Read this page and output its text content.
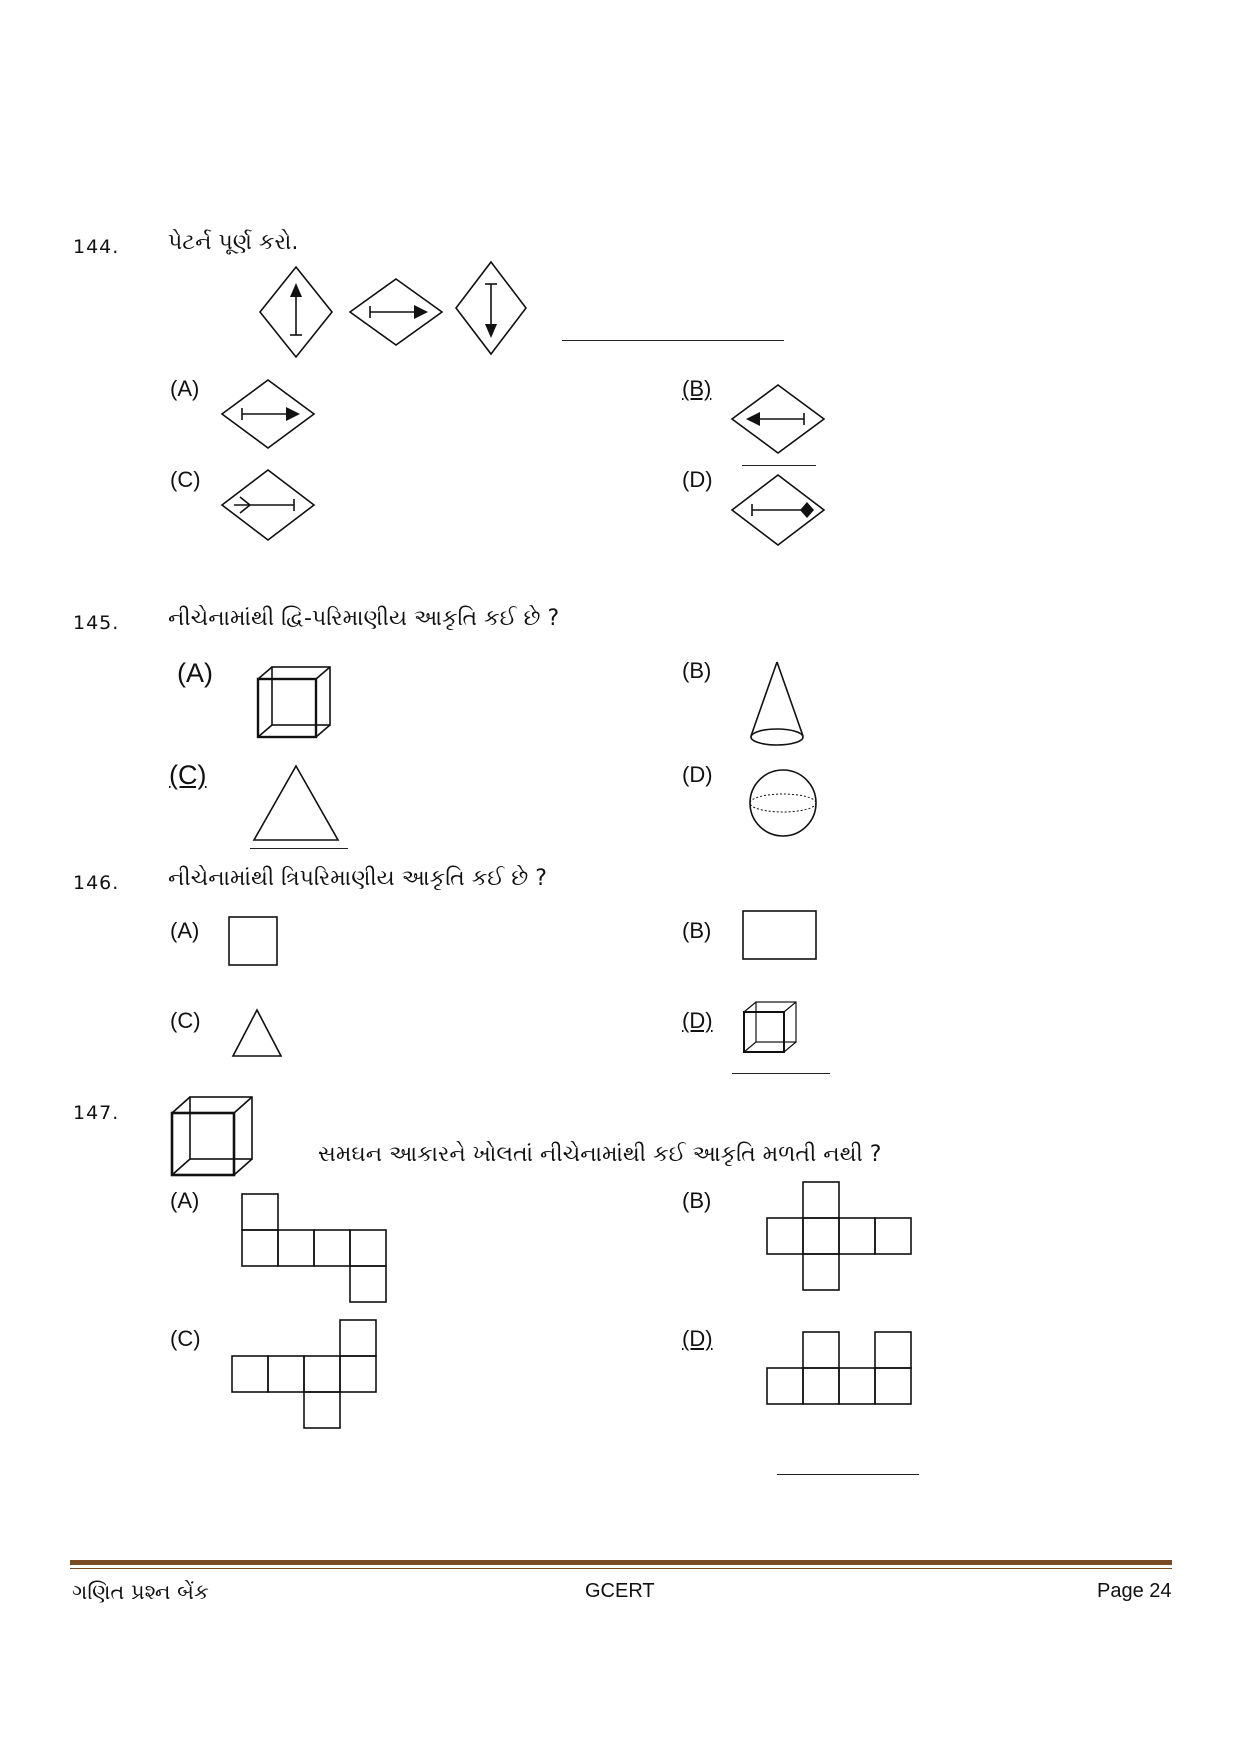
144. પેટર્ન પૂર્ણ કરો.
(A)	(B)
(C)	(D)
145. નીચેનામાંથી દ્વિ-પરિમાણીય આકૃતિ કઈ છે ?
(A)	(B)
(C)	(D)
146. નીચેનામાંથી ત્રિપરિમાણીય આકૃતિ કઈ છે ?
(A)	(B)
(C)	(D)
147.
સમઘન આકારને ખોલતાં નીચેનામાંથી કઈ આકૃતિ મળતી નથી ?
(A)	(B)
(C)	(D)
ગણિત પ્રશ્ન બેંક	GCERT	Page 24
